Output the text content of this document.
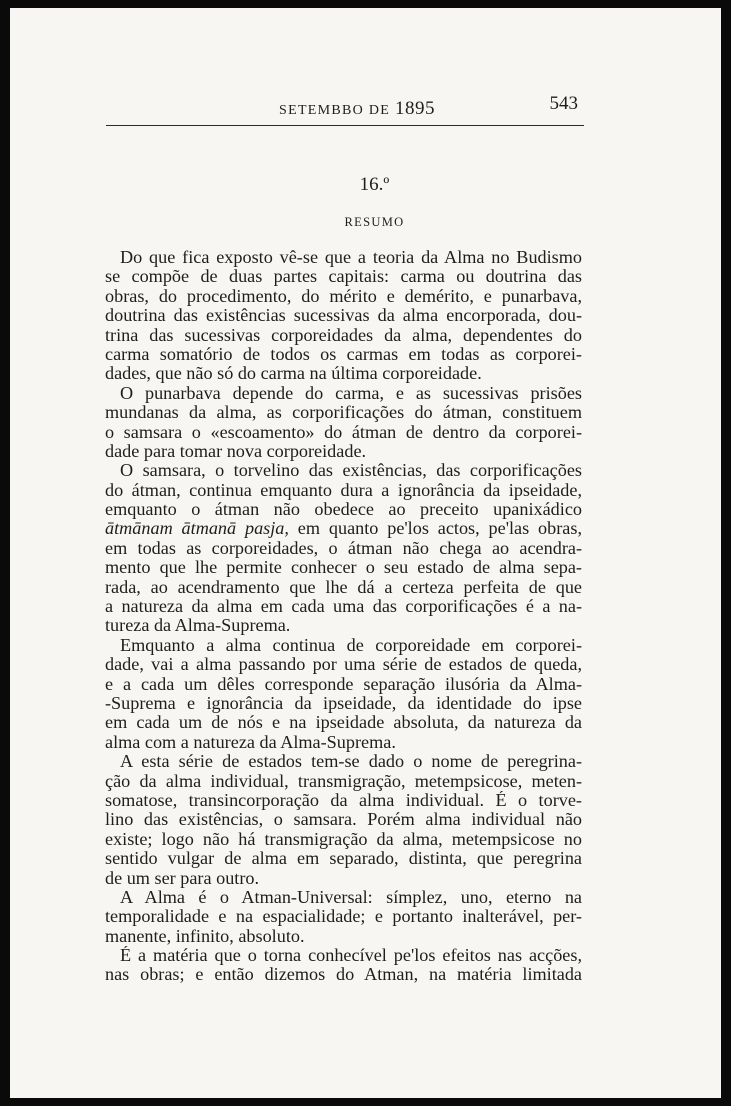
SETEMBBO DE 1895	543
16.º
RESUMO
Do que fica exposto vê-se que a teoria da Alma no Budismo
se compõe de duas partes capitais: carma ou doutrina das
obras, do procedimento, do mérito e demérito, e punarbava,
doutrina das existências sucessivas da alma encorporada, dou-
trina das sucessivas corporeidades da alma, dependentes do
carma somatório de todos os carmas em todas as corporei-
dades, que não só do carma na última corporeidade.
O punarbava depende do carma, e as sucessivas prisões
mundanas da alma, as corporificações do átman, constituem
o samsara o «escoamento» do átman de dentro da corporei-
dade para tomar nova corporeidade.
O samsara, o torvelino das existências, das corporificações
do átman, continua emquanto dura a ignorância da ipseidade,
emquanto o átman não obedece ao preceito upanixádico
ātmānam ātmanā pasja, em quanto pe'los actos, pe'las obras,
em todas as corporeidades, o átman não chega ao acendra-
mento que lhe permite conhecer o seu estado de alma sepa-
rada, ao acendramento que lhe dá a certeza perfeita de que
a natureza da alma em cada uma das corporificações é a na-
tureza da Alma-Suprema.
Emquanto a alma continua de corporeidade em corporei-
dade, vai a alma passando por uma série de estados de queda,
e a cada um dêles corresponde separação ilusória da Alma-
-Suprema e ignorância da ipseidade, da identidade do ipse
em cada um de nós e na ipseidade absoluta, da natureza da
alma com a natureza da Alma-Suprema.
A esta série de estados tem-se dado o nome de peregrina-
ção da alma individual, transmigração, metempsicose, meten-
somatose, transincorporação da alma individual. É o torve-
lino das existências, o samsara. Porém alma individual não
existe; logo não há transmigração da alma, metempsicose no
sentido vulgar de alma em separado, distinta, que peregrina
de um ser para outro.
A Alma é o Atman-Universal: símplez, uno, eterno na
temporalidade e na espacialidade; e portanto inalterável, per-
manente, infinito, absoluto.
É a matéria que o torna conhecível pe'los efeitos nas acções,
nas obras; e então dizemos do Atman, na matéria limitada
